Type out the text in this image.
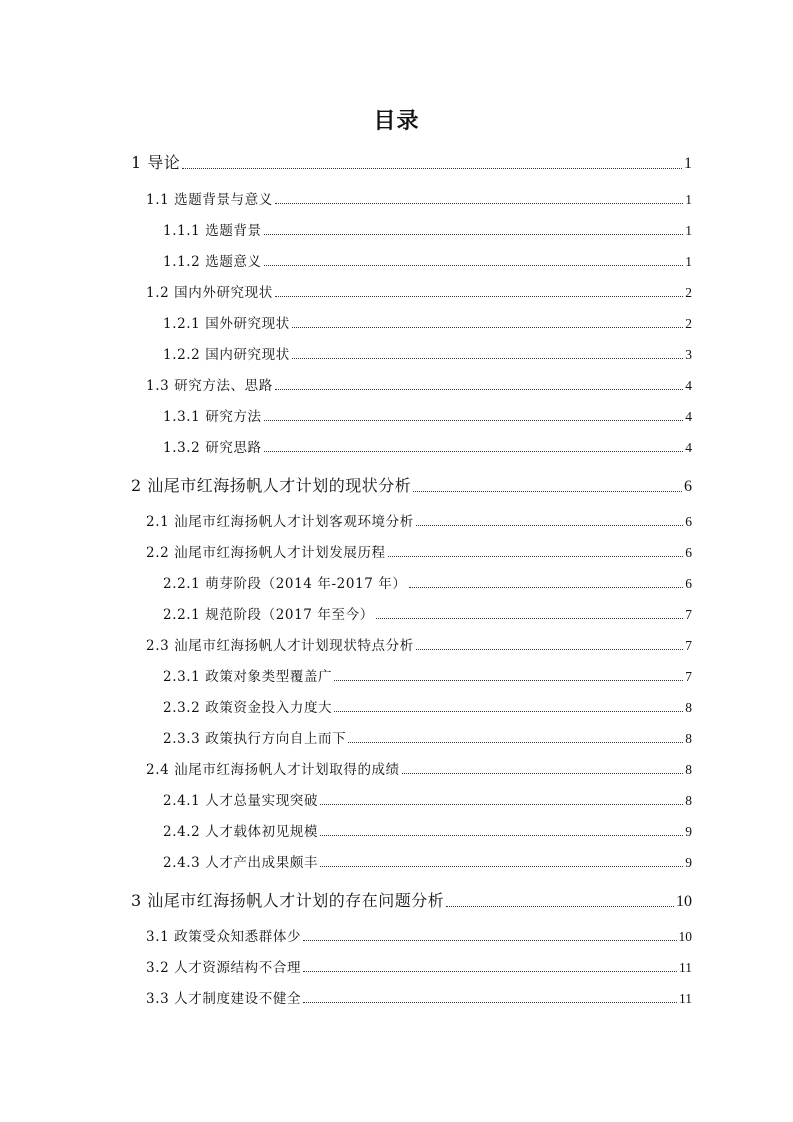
目录
1 导论	1
1.1 选题背景与意义	1
1.1.1 选题背景	1
1.1.2 选题意义	1
1.2 国内外研究现状	2
1.2.1 国外研究现状	2
1.2.2 国内研究现状	3
1.3 研究方法、思路	4
1.3.1 研究方法	4
1.3.2 研究思路	4
2 汕尾市红海扬帆人才计划的现状分析	6
2.1 汕尾市红海扬帆人才计划客观环境分析	6
2.2 汕尾市红海扬帆人才计划发展历程	6
2.2.1 萌芽阶段（2014 年-2017 年）	6
2.2.1 规范阶段（2017 年至今）	7
2.3 汕尾市红海扬帆人才计划现状特点分析	7
2.3.1 政策对象类型覆盖广	7
2.3.2 政策资金投入力度大	8
2.3.3 政策执行方向自上而下	8
2.4 汕尾市红海扬帆人才计划取得的成绩	8
2.4.1 人才总量实现突破	8
2.4.2 人才载体初见规模	9
2.4.3 人才产出成果颇丰	9
3 汕尾市红海扬帆人才计划的存在问题分析	10
3.1 政策受众知悉群体少	10
3.2 人才资源结构不合理	11
3.3 人才制度建设不健全	11
